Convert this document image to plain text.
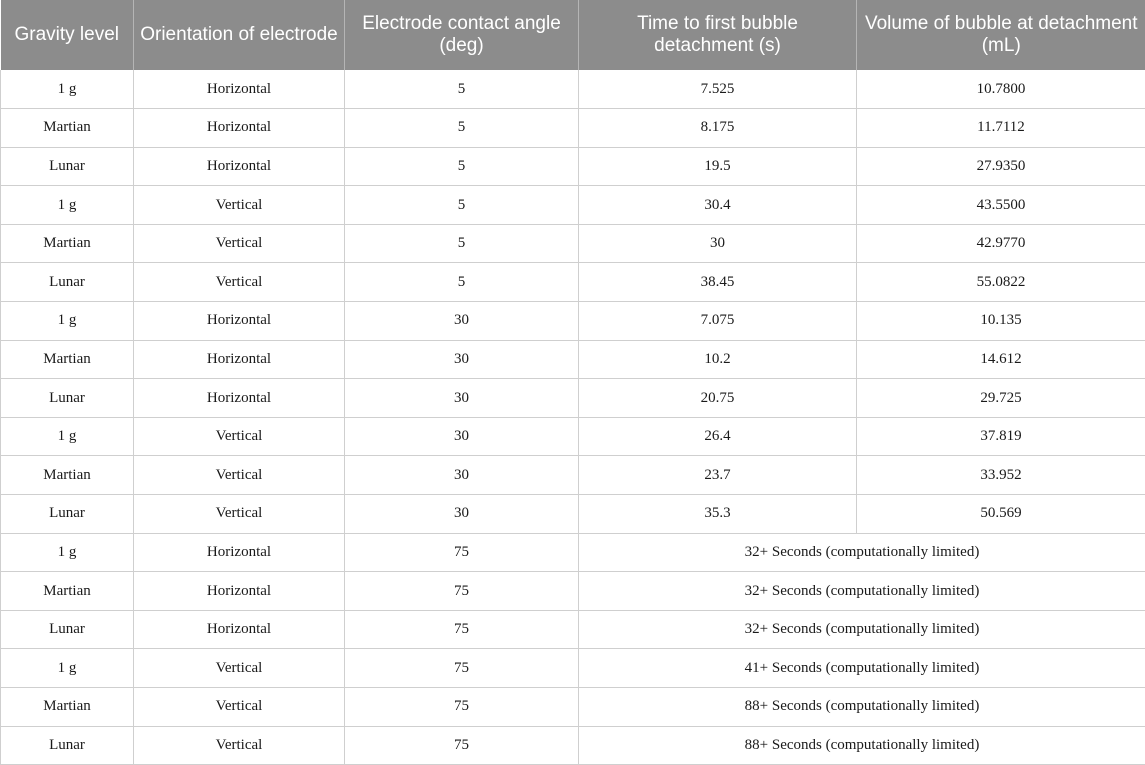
Gravity level	Orientation of electrode	Electrode contact angle (deg)	Time to first bubble detachment (s)	Volume of bubble at detachment (mL)
1 g	Horizontal	5	7.525	10.7800
Martian	Horizontal	5	8.175	11.7112
Lunar	Horizontal	5	19.5	27.9350
1 g	Vertical	5	30.4	43.5500
Martian	Vertical	5	30	42.9770
Lunar	Vertical	5	38.45	55.0822
1 g	Horizontal	30	7.075	10.135
Martian	Horizontal	30	10.2	14.612
Lunar	Horizontal	30	20.75	29.725
1 g	Vertical	30	26.4	37.819
Martian	Vertical	30	23.7	33.952
Lunar	Vertical	30	35.3	50.569
1 g	Horizontal	75	32+ Seconds (computationally limited)	
Martian	Horizontal	75	32+ Seconds (computationally limited)	
Lunar	Horizontal	75	32+ Seconds (computationally limited)	
1 g	Vertical	75	41+ Seconds (computationally limited)	
Martian	Vertical	75	88+ Seconds (computationally limited)	
Lunar	Vertical	75	88+ Seconds (computationally limited)	
